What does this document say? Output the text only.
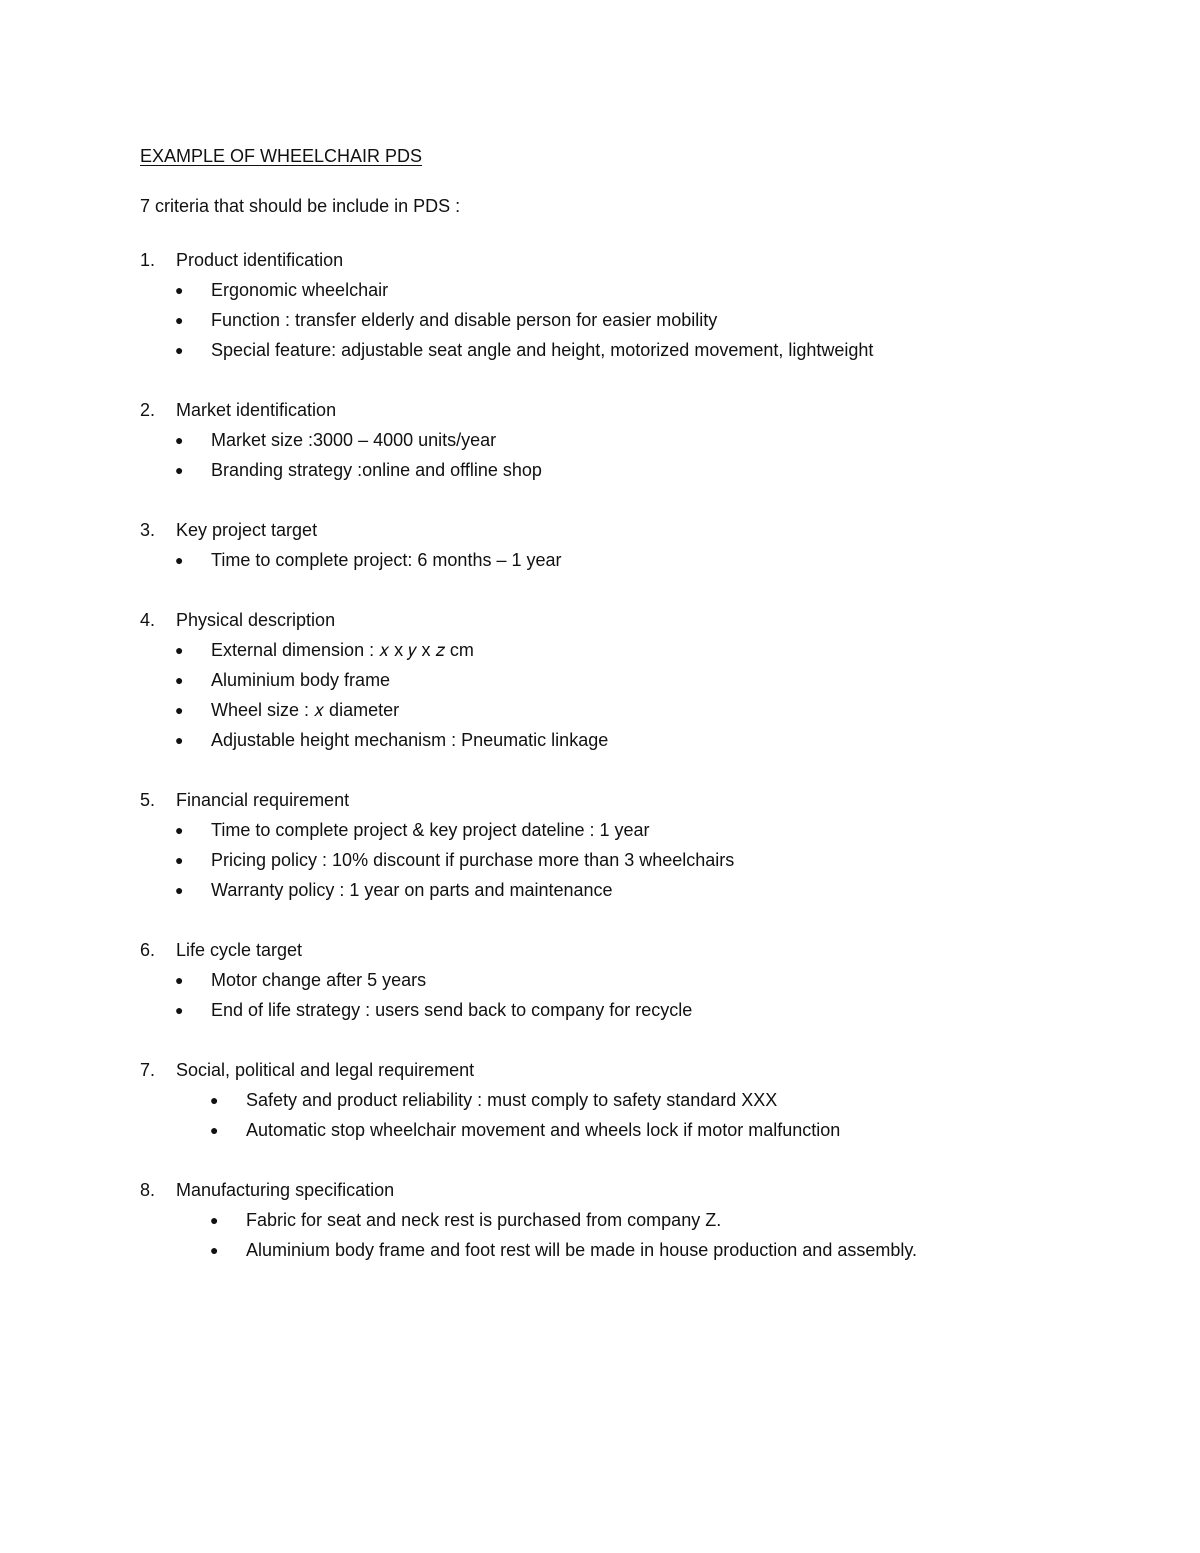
EXAMPLE OF WHEELCHAIR PDS
7 criteria that should be include in PDS :
1.	Product identification
●	Ergonomic wheelchair
●	Function : transfer elderly and disable person for easier mobility
●	Special feature: adjustable seat angle and height, motorized movement, lightweight
2.	Market identification
●	Market size :3000 – 4000 units/year
●	Branding strategy :online and offline shop
3.	Key project target
●	Time to complete project: 6 months – 1 year
4.	Physical description
●	External dimension : 𝑥 x 𝑦 x 𝑧 cm
●	Aluminium body frame
●	Wheel size : 𝑥 diameter
●	Adjustable height mechanism : Pneumatic linkage
5.	Financial requirement
●	Time to complete project & key project dateline : 1 year
●	Pricing policy : 10% discount if purchase more than 3 wheelchairs
●	Warranty policy : 1 year on parts and maintenance
6.	Life cycle target
●	Motor change after 5 years
●	End of life strategy : users send back to company for recycle
7.	Social, political and legal requirement
●	Safety and product reliability : must comply to safety standard XXX
●	Automatic stop wheelchair movement and wheels lock if motor malfunction
8.	Manufacturing specification
●	Fabric for seat and neck rest is purchased from company Z.
●	Aluminium body frame and foot rest will be made in house production and assembly.
